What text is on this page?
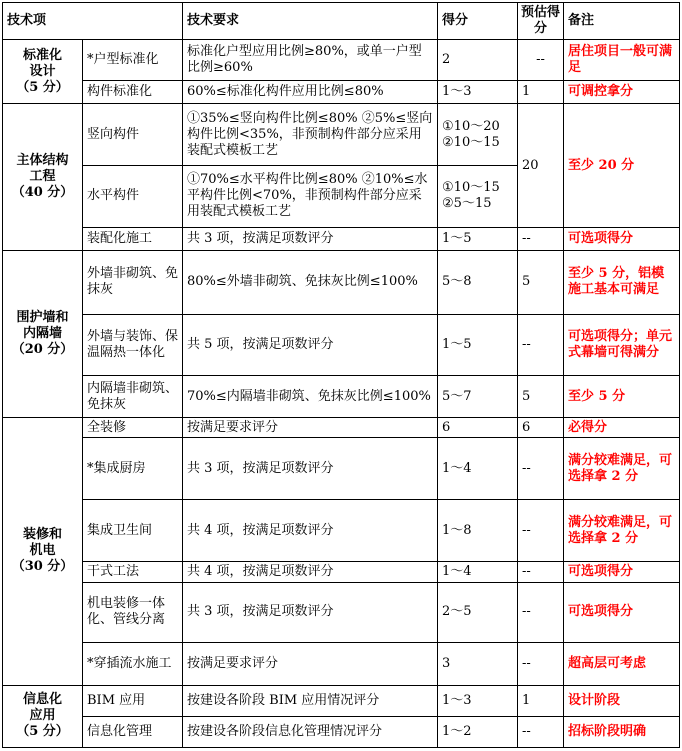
技术项		技术要求	得分	预估得分	备注

标准化
设计
（5 分）	*户型标准化	标准化户型应用比例≥80%，或单一户型比例≥60%	2	--	居住项目一般可满足
	构件标准化	60%≤标准化构件应用比例≤80%	1～3	1	可调控拿分

主体结构
工程
（40 分）	竖向构件	①35%≤竖向构件比例≤80% ②5%≤竖向构件比例<35%，非预制构件部分应采用装配式模板工艺	①10～20 ②10～15	20	至少 20 分
	水平构件	①70%≤水平构件比例≤80% ②10%≤水平构件比例<70%，非预制构件部分应采用装配式模板工艺	①10～15 ②5～15		
	装配化施工	共 3 项，按满足项数评分	1～5	--	可选项得分

围护墙和
内隔墙
（20 分）	外墙非砌筑、免抹灰	80%≤外墙非砌筑、免抹灰比例≤100%	5～8	5	至少 5 分，铝模施工基本可满足
	外墙与装饰、保温隔热一体化	共 5 项，按满足项数评分	1～5	--	可选项得分；单元式幕墙可得满分
	内隔墙非砌筑、免抹灰	70%≤内隔墙非砌筑、免抹灰比例≤100%	5～7	5	至少 5 分

装修和
机电
（30 分）	全装修	按满足要求评分	6	6	必得分
	*集成厨房	共 3 项，按满足项数评分	1～4	--	满分较难满足，可选择拿 2 分
	集成卫生间	共 4 项，按满足项数评分	1～8	--	满分较难满足，可选择拿 2 分
	干式工法	共 4 项，按满足项数评分	1～4	--	可选项得分
	机电装修一体化、管线分离	共 3 项，按满足项数评分	2～5	--	可选项得分
	*穿插流水施工	按满足要求评分	3	--	超高层可考虑

信息化
应用
（5 分）	BIM 应用	按建设各阶段 BIM 应用情况评分	1～3	1	设计阶段
	信息化管理	按建设各阶段信息化管理情况评分	1～2	--	招标阶段明确
